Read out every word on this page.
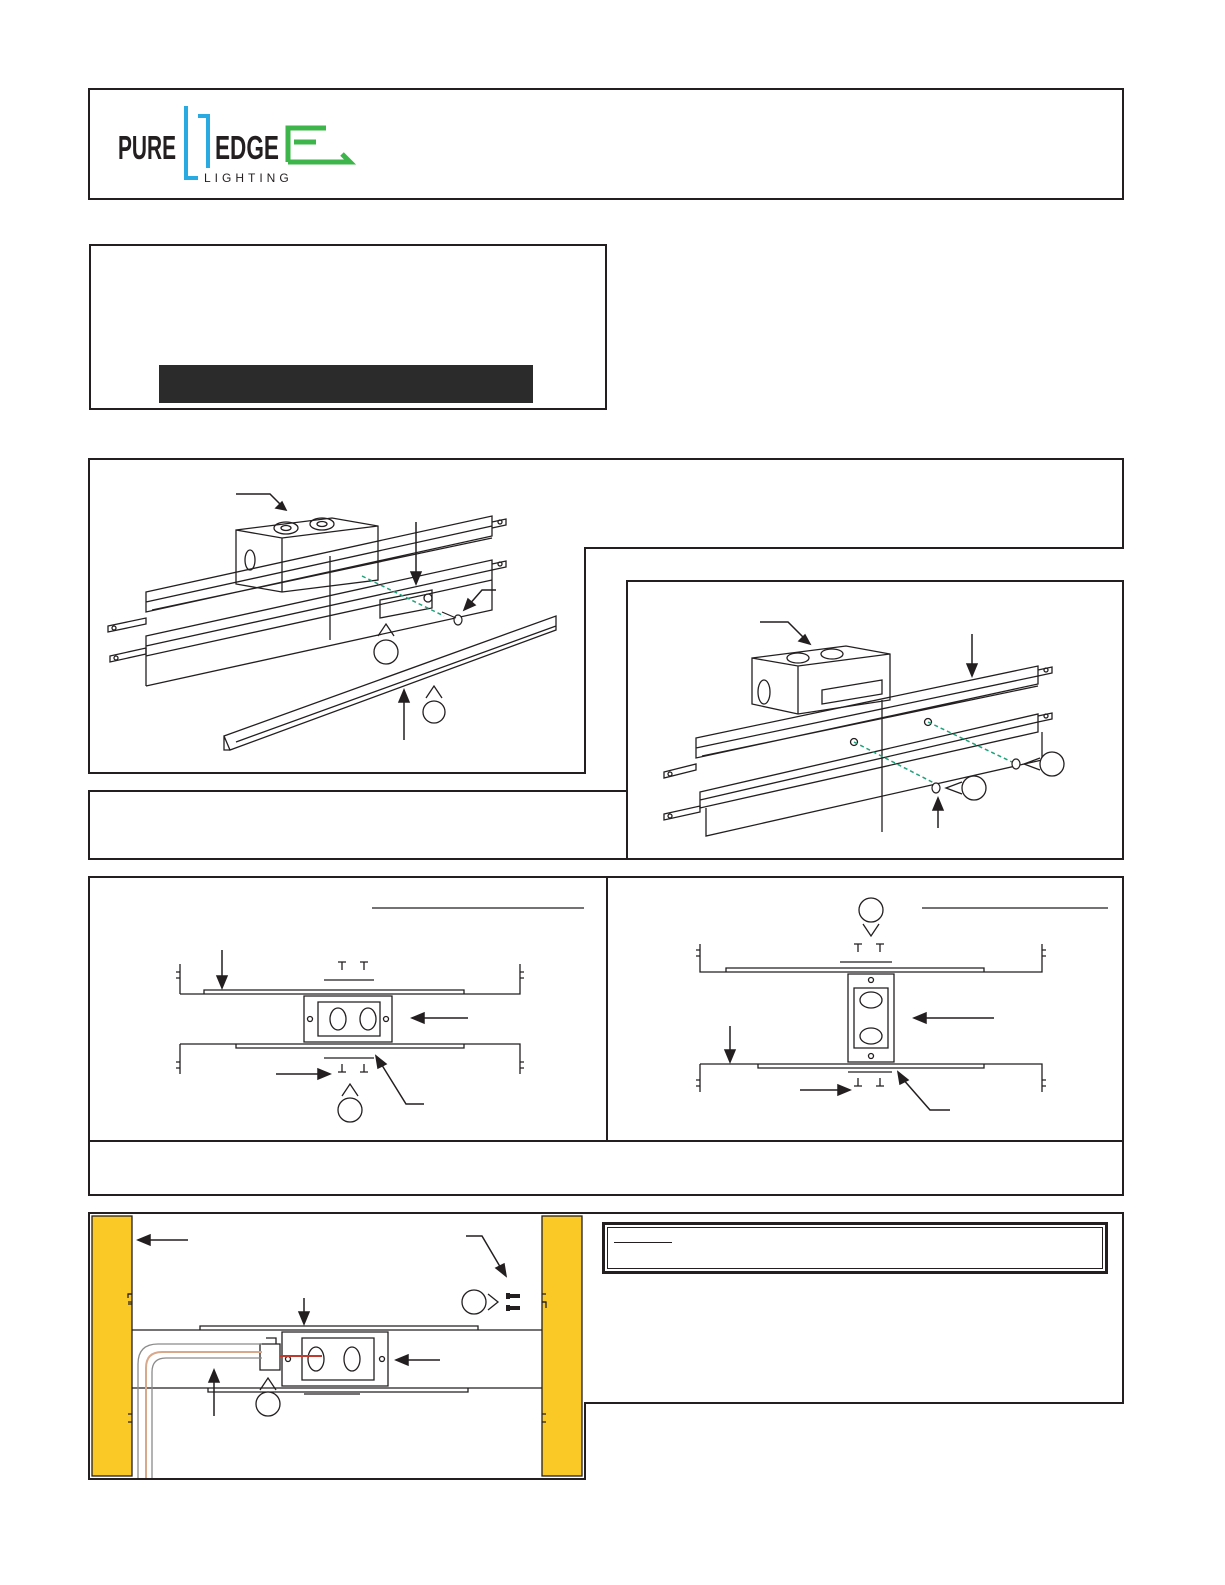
PURE EDGE
LIGHTING
